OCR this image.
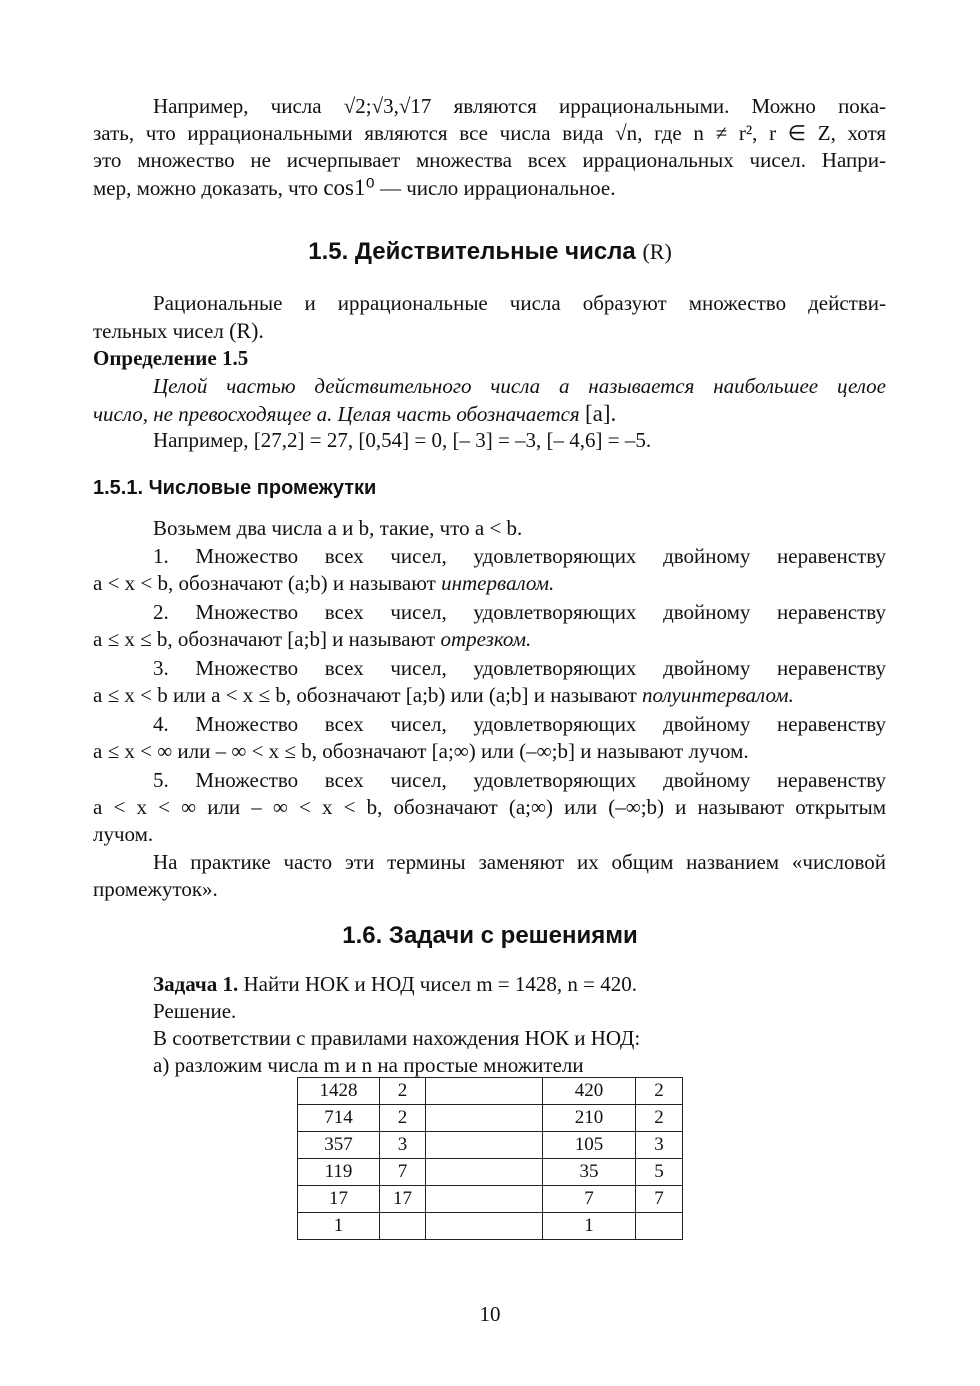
Например, числа √2;√3,√17 являются иррациональными. Можно пока-
зать, что иррациональными являются все числа вида √n, где n ≠ r², r ∈ Z, хотя
это множество не исчерпывает множества всех иррациональных чисел. Напри-
мер, можно доказать, что cos1⁰ — число иррациональное.
1.5. Действительные числа (R)
Рациональные и иррациональные числа образуют множество действи-
тельных чисел (R).
Определение 1.5
Целой частью действительного числа a называется наибольшее целое
число, не превосходящее a. Целая часть обозначается [a].
Например, [27,2] = 27, [0,54] = 0, [– 3] = –3, [– 4,6] = –5.
1.5.1. Числовые промежутки
Возьмем два числа a и b, такие, что a < b.
1. Множество всех чисел, удовлетворяющих двойному неравенству
a < x < b, обозначают (a;b) и называют интервалом.
2. Множество всех чисел, удовлетворяющих двойному неравенству
a ≤ x ≤ b, обозначают [a;b] и называют отрезком.
3. Множество всех чисел, удовлетворяющих двойному неравенству
a ≤ x < b или a < x ≤ b, обозначают [a;b) или (a;b] и называют полуинтервалом.
4. Множество всех чисел, удовлетворяющих двойному неравенству
a ≤ x < ∞ или – ∞ < x ≤ b, обозначают [a;∞) или (–∞;b] и называют лучом.
5. Множество всех чисел, удовлетворяющих двойному неравенству
a < x < ∞ или – ∞ < x < b, обозначают (a;∞) или (–∞;b) и называют открытым
лучом.
На практике часто эти термины заменяют их общим названием «числовой
промежуток».
1.6. Задачи с решениями
Задача 1. Найти НОК и НОД чисел m = 1428, n = 420.
Решение.
В соответствии с правилами нахождения НОК и НОД:
а) разложим числа m и n на простые множители
1428	2		420	2
714	2		210	2
357	3		105	3
119	7		35	5
17	17		7	7
1			1	
10
